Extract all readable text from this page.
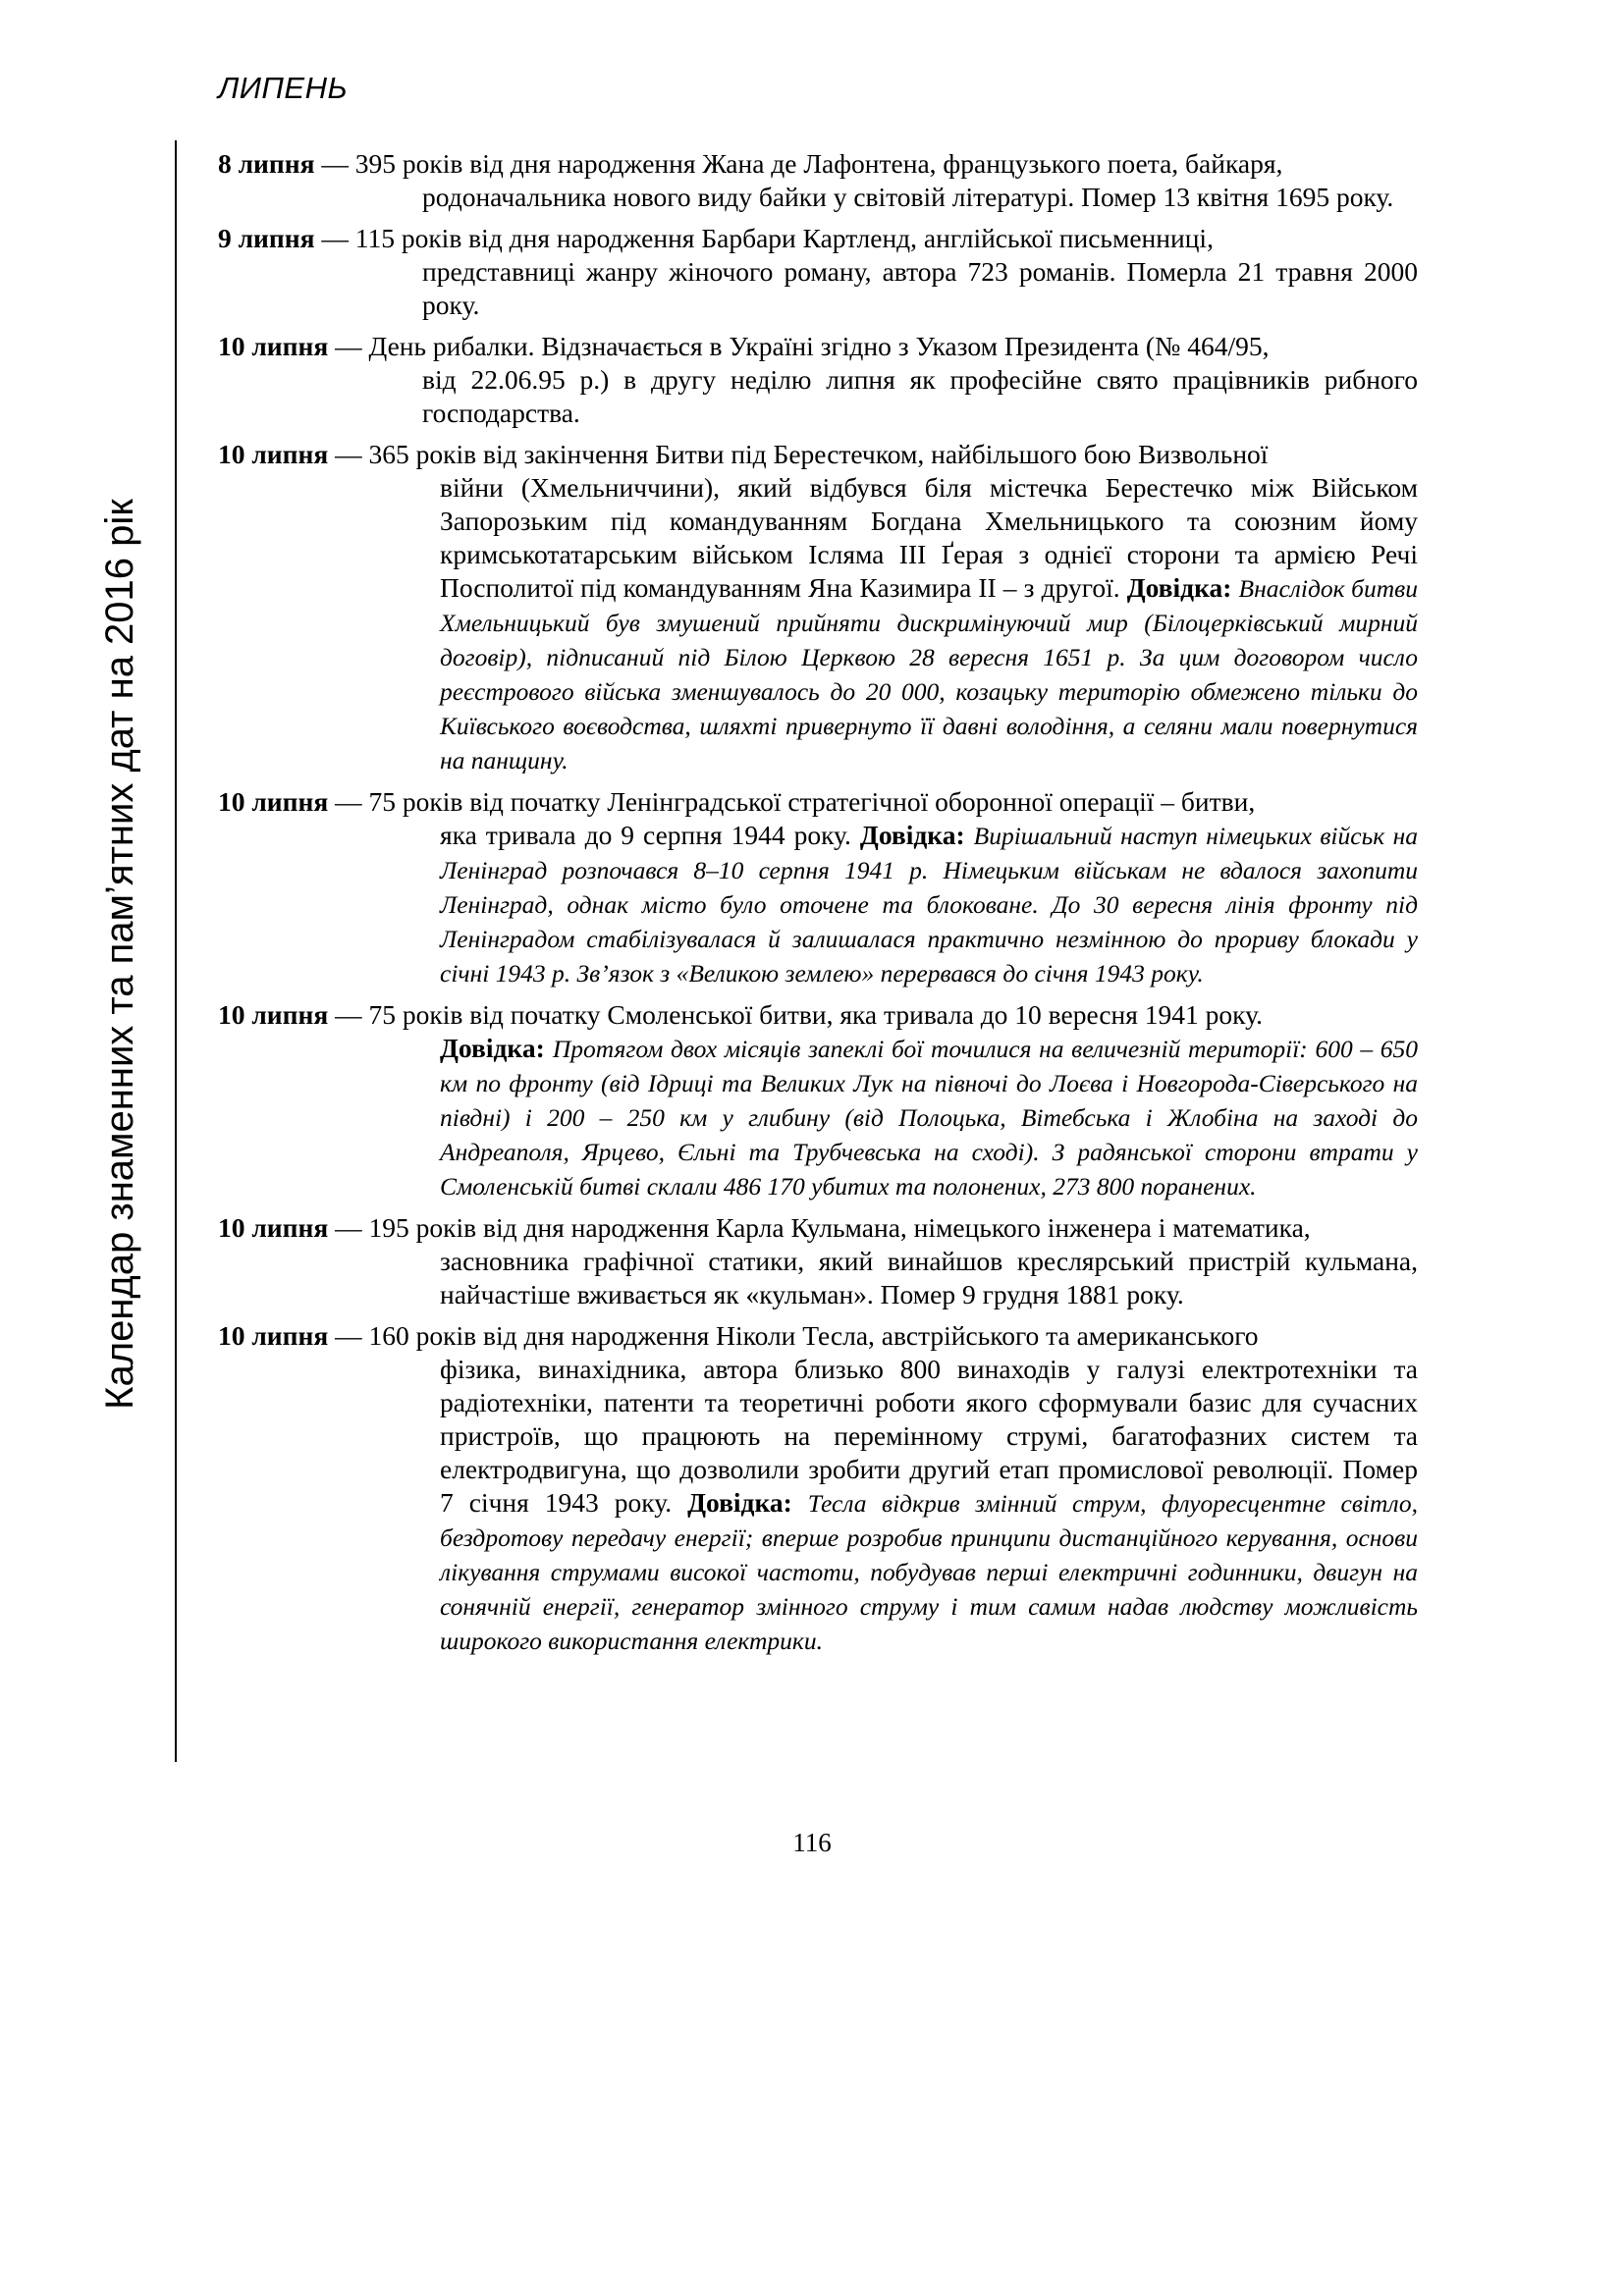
ЛИПЕНЬ
Календар знаменних та пам’ятних дат на 2016 рік
8 липня — 395 років від дня народження Жана де Лафонтена, французького поета, байкаря,
родоначальника нового виду байки у світовій літературі. Помер 13 квітня 1695 року.
9 липня — 115 років від дня народження Барбари Картленд, англійської письменниці,
представниці жанру жіночого роману, автора 723 романів. Померла 21 травня 2000 року.
10 липня — День рибалки. Відзначається в Україні згідно з Указом Президента (№ 464/95,
від 22.06.95 р.) в другу неділю липня як професійне свято працівників рибного господарства.
10 липня — 365 років від закінчення Битви під Берестечком, найбільшого бою Визвольної
війни (Хмельниччини), який відбувся біля містечка Берестечко між Військом Запорозьким під командуванням Богдана Хмельницького та союзним йому кримськотатарським військом Ісляма ІІІ Ґерая з однієї сторони та армією Речі Посполитої під командуванням Яна Казимира ІІ – з другої. Довідка: Внаслідок битви Хмельницький був змушений прийняти дискримінуючий мир (Білоцерківський мирний договір), підписаний під Білою Церквою 28 вересня 1651 р. За цим договором число реєстрового війська зменшувалось до 20 000, козацьку територію обмежено тільки до Київського воєводства, шляхті привернуто її давні володіння, а селяни мали повернутися на панщину.
10 липня — 75 років від початку Ленінградської стратегічної оборонної операції – битви,
яка тривала до 9 серпня 1944 року. Довідка: Вирішальний наступ німецьких військ на Ленінград розпочався 8–10 серпня 1941 р. Німецьким військам не вдалося захопити Ленінград, однак місто було оточене та блоковане. До 30 вересня лінія фронту під Ленінградом стабілізувалася й залишалася практично незмінною до прориву блокади у січні 1943 р. Зв’язок з «Великою землею» перервався до січня 1943 року.
10 липня — 75 років від початку Смоленської битви, яка тривала до 10 вересня 1941 року.
Довідка: Протягом двох місяців запеклі бої точилися на величезній території: 600 – 650 км по фронту (від Ідриці та Великих Лук на півночі до Лоєва і Новгорода-Сіверського на півдні) і 200 – 250 км у глибину (від Полоцька, Вітебська і Жлобіна на заході до Андреаполя, Ярцево, Єльні та Трубчевська на сході). З радянської сторони втрати у Смоленській битві склали 486 170 убитих та полонених, 273 800 поранених.
10 липня — 195 років від дня народження Карла Кульмана, німецького інженера і математика,
засновника графічної статики, який винайшов креслярський пристрій кульмана, найчастіше вживається як «кульман». Помер 9 грудня 1881 року.
10 липня — 160 років від дня народження Ніколи Тесла, австрійського та американського
фізика, винахідника, автора близько 800 винаходів у галузі електротехніки та радіотехніки, патенти та теоретичні роботи якого сформували базис для сучасних пристроїв, що працюють на перемінному струмі, багатофазних систем та електродвигуна, що дозволили зробити другий етап промислової революції. Помер 7 січня 1943 року. Довідка: Тесла відкрив змінний струм, флуоресцентне світло, бездротову передачу енергії; вперше розробив принципи дистанційного керування, основи лікування струмами високої частоти, побудував перші електричні годинники, двигун на сонячній енергії, генератор змінного струму і тим самим надав людству можливість широкого використання електрики.
116
